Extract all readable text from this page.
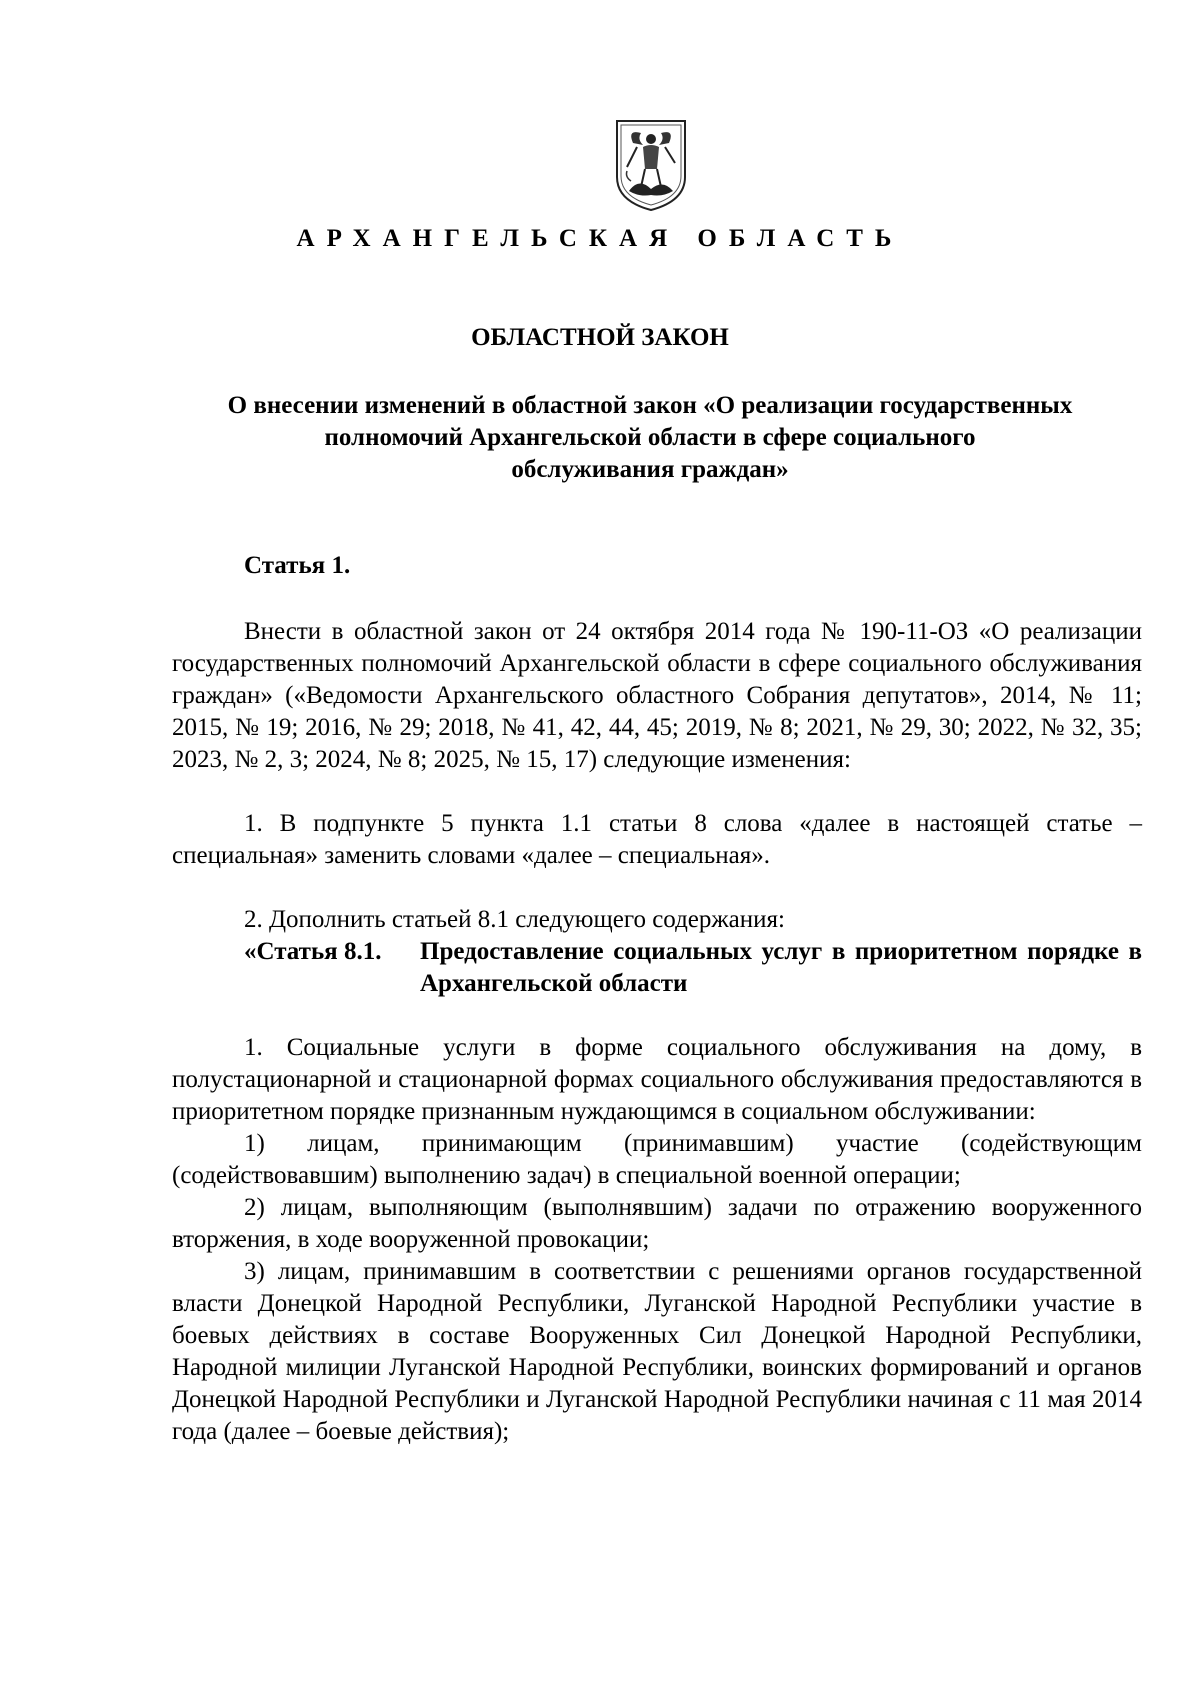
АРХАНГЕЛЬСКАЯ ОБЛАСТЬ
ОБЛАСТНОЙ ЗАКОН
О внесении изменений в областной закон «О реализации государственных
полномочий Архангельской области в сфере социального
обслуживания граждан»

Статья 1.

Внести в областной закон от 24 октября 2014 года № 190-11-ОЗ «О реализации государственных полномочий Архангельской области в сфере социального обслуживания граждан» («Ведомости Архангельского областного Собрания депутатов», 2014, № 11; 2015, № 19; 2016, № 29; 2018, № 41, 42, 44, 45; 2019, № 8; 2021, № 29, 30; 2022, № 32, 35; 2023, № 2, 3; 2024, № 8; 2025, № 15, 17) следующие изменения:

1. В подпункте 5 пункта 1.1 статьи 8 слова «далее в настоящей статье – специальная» заменить словами «далее – специальная».

2. Дополнить статьей 8.1 следующего содержания:

«Статья 8.1.	Предоставление социальных услуг в приоритетном порядке в Архангельской области

1. Социальные услуги в форме социального обслуживания на дому, в полустационарной и стационарной формах социального обслуживания предоставляются в приоритетном порядке признанным нуждающимся в социальном обслуживании:

1) лицам, принимающим (принимавшим) участие (содействующим (содействовавшим) выполнению задач) в специальной военной операции;

2) лицам, выполняющим (выполнявшим) задачи по отражению вооруженного вторжения, в ходе вооруженной провокации;

3) лицам, принимавшим в соответствии с решениями органов государственной власти Донецкой Народной Республики, Луганской Народной Республики участие в боевых действиях в составе Вооруженных Сил Донецкой Народной Республики, Народной милиции Луганской Народной Республики, воинских формирований и органов Донецкой Народной Республики и Луганской Народной Республики начиная с 11 мая 2014 года (далее – боевые действия);
